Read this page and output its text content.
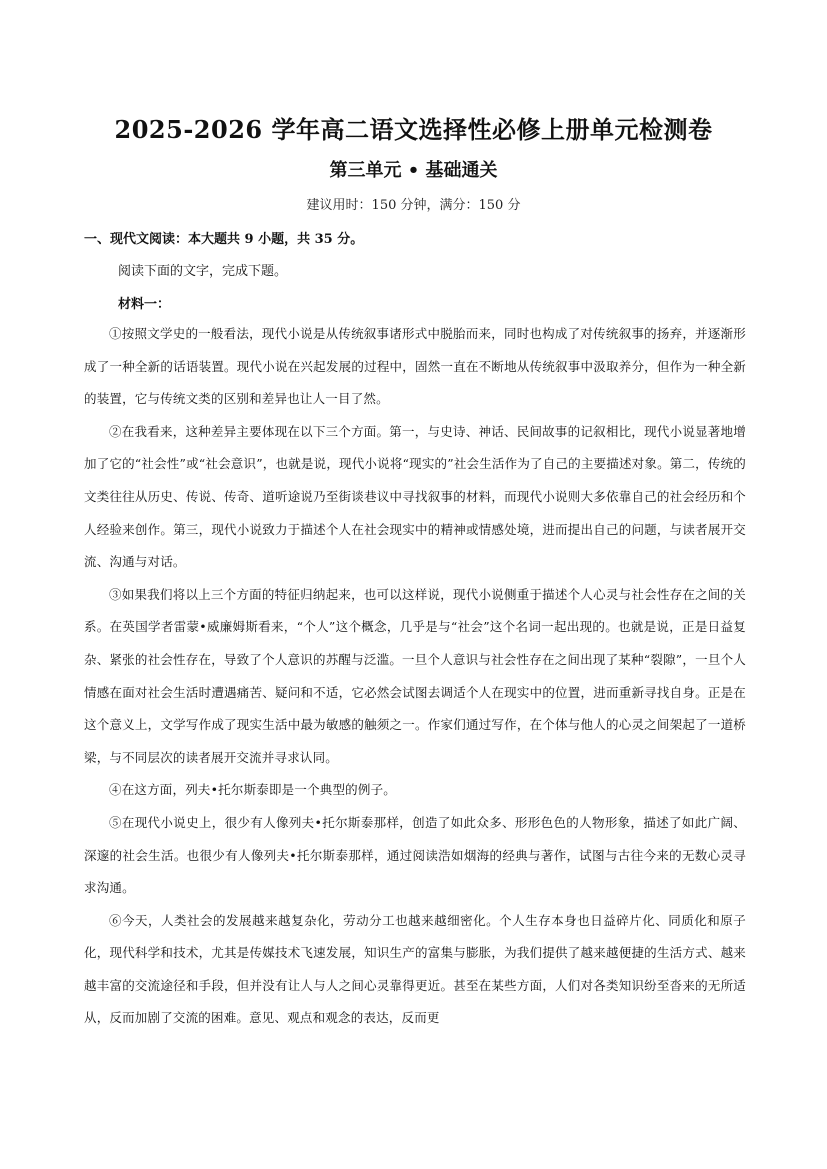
2025-2026 学年高二语文选择性必修上册单元检测卷
第三单元 • 基础通关
建议用时：150 分钟，满分：150 分
一、现代文阅读：本大题共 9 小题，共 35 分。
阅读下面的文字，完成下题。
材料一：

①按照文学史的一般看法，现代小说是从传统叙事诸形式中脱胎而来，同时也构成了对传统叙事的扬弃，并逐渐形成了一种全新的话语装置。现代小说在兴起发展的过程中，固然一直在不断地从传统叙事中汲取养分，但作为一种全新的装置，它与传统文类的区别和差异也让人一目了然。

②在我看来，这种差异主要体现在以下三个方面。第一，与史诗、神话、民间故事的记叙相比，现代小说显著地增加了它的“社会性”或“社会意识”，也就是说，现代小说将“现实的”社会生活作为了自己的主要描述对象。第二，传统的文类往往从历史、传说、传奇、道听途说乃至街谈巷议中寻找叙事的材料，而现代小说则大多依靠自己的社会经历和个人经验来创作。第三，现代小说致力于描述个人在社会现实中的精神或情感处境，进而提出自己的问题，与读者展开交流、沟通与对话。

③如果我们将以上三个方面的特征归纳起来，也可以这样说，现代小说侧重于描述个人心灵与社会性存在之间的关系。在英国学者雷蒙•威廉姆斯看来，“个人”这个概念，几乎是与“社会”这个名词一起出现的。也就是说，正是日益复杂、紧张的社会性存在，导致了个人意识的苏醒与泛滥。一旦个人意识与社会性存在之间出现了某种“裂隙”，一旦个人情感在面对社会生活时遭遇痛苦、疑问和不适，它必然会试图去调适个人在现实中的位置，进而重新寻找自身。正是在这个意义上，文学写作成了现实生活中最为敏感的触须之一。作家们通过写作，在个体与他人的心灵之间架起了一道桥梁，与不同层次的读者展开交流并寻求认同。

④在这方面，列夫•托尔斯泰即是一个典型的例子。

⑤在现代小说史上，很少有人像列夫•托尔斯泰那样，创造了如此众多、形形色色的人物形象，描述了如此广阔、深邃的社会生活。也很少有人像列夫•托尔斯泰那样，通过阅读浩如烟海的经典与著作，试图与古往今来的无数心灵寻求沟通。

⑥今天，人类社会的发展越来越复杂化，劳动分工也越来越细密化。个人生存本身也日益碎片化、同质化和原子化，现代科学和技术，尤其是传媒技术飞速发展，知识生产的富集与膨胀，为我们提供了越来越便捷的生活方式、越来越丰富的交流途径和手段，但并没有让人与人之间心灵靠得更近。甚至在某些方面，人们对各类知识纷至沓来的无所适从，反而加剧了交流的困难。意见、观点和观念的表达，反而更
